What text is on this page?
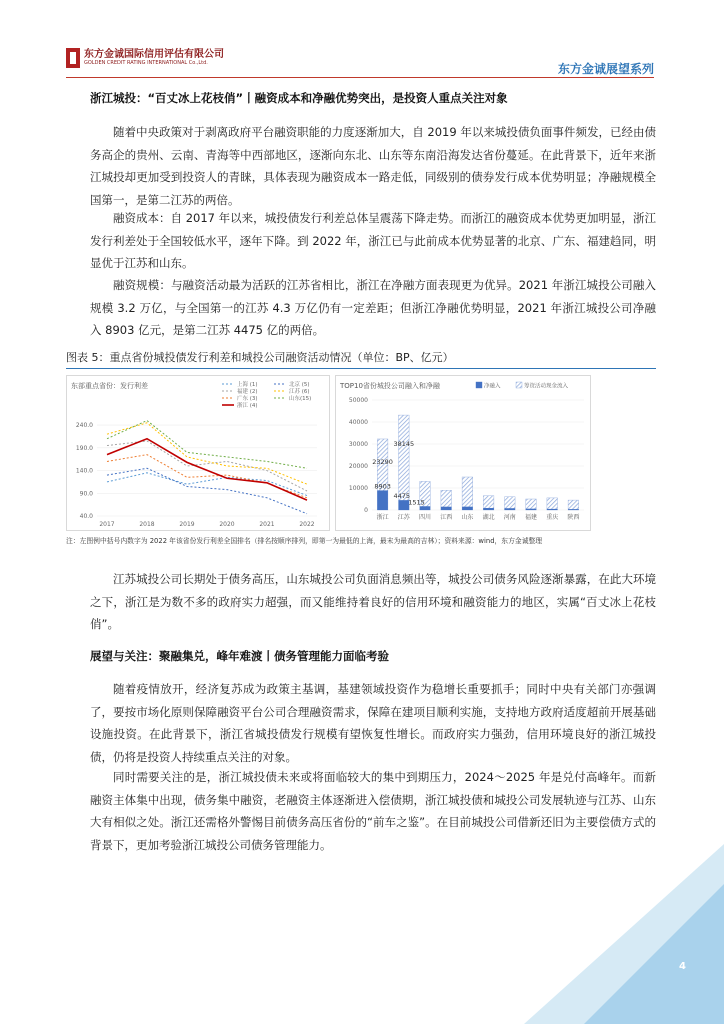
东方金诚国际信用评估有限公司
GOLDEN CREDIT RATING INTERNATIONAL Co.,Ltd.	东方金诚展望系列
浙江城投：“百丈冰上花枝俏”丨融资成本和净融优势突出，是投资人重点关注对象
随着中央政策对于剥离政府平台融资职能的力度逐渐加大，自 2019 年以来城投债负面事件频发，已经由债务高企的贵州、云南、青海等中西部地区，逐渐向东北、山东等东南沿海发达省份蔓延。在此背景下，近年来浙江城投却更加受到投资人的青睐，具体表现为融资成本一路走低，同级别的债券发行成本优势明显；净融规模全国第一，是第二江苏的两倍。
融资成本：自 2017 年以来，城投债发行利差总体呈震荡下降走势。而浙江的融资成本优势更加明显，浙江发行利差处于全国较低水平，逐年下降。到 2022 年，浙江已与此前成本优势显著的北京、广东、福建趋同，明显优于江苏和山东。
融资规模：与融资活动最为活跃的江苏省相比，浙江在净融方面表现更为优异。2021 年浙江城投公司融入规模 3.2 万亿，与全国第一的江苏 4.3 万亿仍有一定差距；但浙江净融优势明显，2021 年浙江城投公司净融入 8903 亿元，是第二江苏 4475 亿的两倍。
图表 5：重点省份城投债发行利差和城投公司融资活动情况（单位：BP、亿元）
东部重点省份：发行利差
240.0
190.0
140.0
90.0
40.0
2017	2018	2019	2020	2021	2022
上海 (1)
福建 (2)
广东 (3)
浙江 (4)
北京 (5)
江苏 (6)
山东(15)
TOP10省份城投公司融入和净融	净融入	筹资活动现金流入
50000
40000
30000
20000
10000
0
浙江 江苏 四川 江西 山东 湖北 河南 福建 重庆 陕西
23290
38145
8903
4475
1515
注：左图例中括号内数字为 2022 年该省份发行利差全国排名（排名按顺序排列，即第一为最低的上海，最末为最高的吉林）；资料来源：wind，东方金诚整理
江苏城投公司长期处于债务高压，山东城投公司负面消息频出等，城投公司债务风险逐渐暴露，在此大环境之下，浙江是为数不多的政府实力超强，而又能维持着良好的信用环境和融资能力的地区，实属“百丈冰上花枝俏”。
展望与关注：聚融集兑，峰年难渡丨债务管理能力面临考验
随着疫情放开，经济复苏成为政策主基调，基建领域投资作为稳增长重要抓手；同时中央有关部门亦强调了，要按市场化原则保障融资平台公司合理融资需求，保障在建项目顺利实施，支持地方政府适度超前开展基础设施投资。在此背景下，浙江省城投债发行规模有望恢复性增长。而政府实力强劲，信用环境良好的浙江城投债，仍将是投资人持续重点关注的对象。
同时需要关注的是，浙江城投债未来或将面临较大的集中到期压力，2024～2025 年是兑付高峰年。而新融资主体集中出现，债务集中融资，老融资主体逐渐进入偿债期，浙江城投债和城投公司发展轨迹与江苏、山东大有相似之处。浙江还需格外警惕目前债务高压省份的“前车之鉴”。在目前城投公司借新还旧为主要偿债方式的背景下，更加考验浙江城投公司债务管理能力。
4
